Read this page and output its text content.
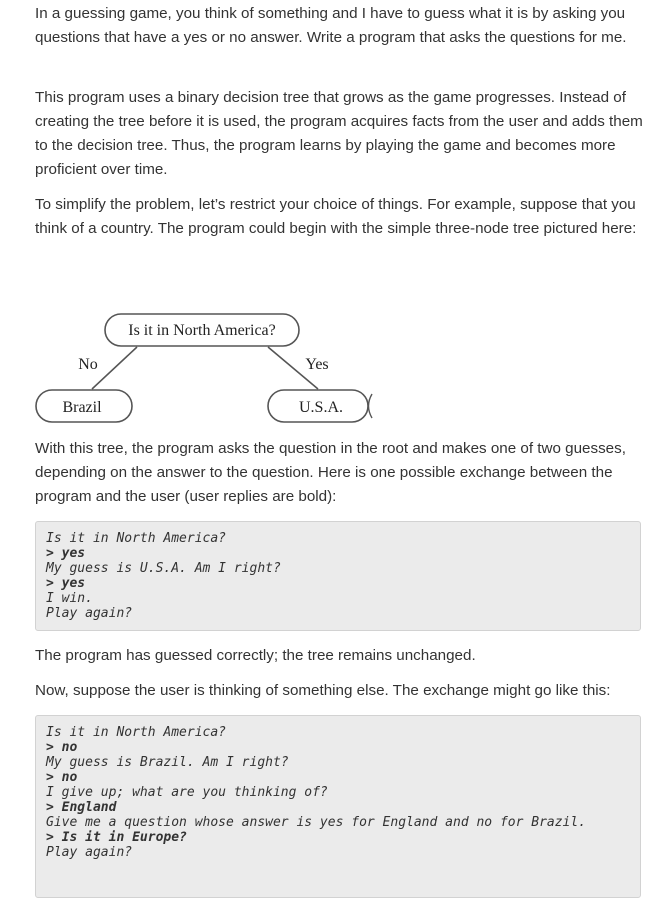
In a guessing game, you think of something and I have to guess what it is by asking you questions that have a yes or no answer. Write a program that asks the questions for me.

This program uses a binary decision tree that grows as the game progresses. Instead of creating the tree before it is used, the program acquires facts from the user and adds them to the decision tree. Thus, the program learns by playing the game and becomes more proficient over time.

To simplify the problem, let’s restrict your choice of things. For example, suppose that you think of a country. The program could begin with the simple three-node tree pictured here:

With this tree, the program asks the question in the root and makes one of two guesses, depending on the answer to the question. Here is one possible exchange between the program and the user (user replies are bold):

The program has guessed correctly; the tree remains unchanged.

Now, suppose the user is thinking of something else. The exchange might go like this:

Is it in North America?
No	Yes
Brazil	U.S.A.
Is it in North America?
> yes
My guess is U.S.A. Am I right?
> yes
I win.
Play again?
Is it in North America?
> no
My guess is Brazil. Am I right?
> no
I give up; what are you thinking of?
> England
Give me a question whose answer is yes for England and no for Brazil.
> Is it in Europe?
Play again?
